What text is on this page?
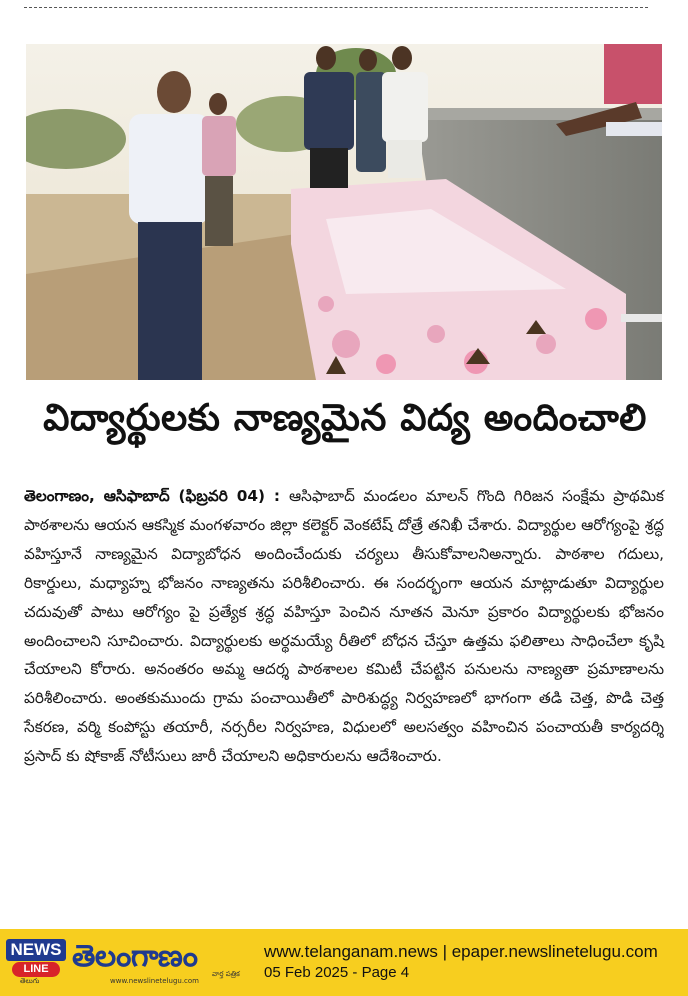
విద్యార్థులకు నాణ్యమైన విద్య అందించాలి
తెలంగాణం, ఆసిఫాబాద్ (ఫిబ్రవరి 04) : ఆసిఫాబాద్ మండలం మాలన్ గొంది గిరిజన సంక్షేమ ప్రాథమిక పాఠశాలను ఆయన ఆకస్మిక మంగళవారం జిల్లా కలెక్టర్ వెంకటేష్ దోత్రే తనిఖీ చేశారు. విద్యార్థుల ఆరోగ్యంపై శ్రద్ధ వహిస్తూనే నాణ్యమైన విద్యాబోధన అందించేందుకు చర్యలు తీసుకోవాలనిఅన్నారు. పాఠశాల గదులు, రికార్డులు, మధ్యాహ్న భోజనం నాణ్యతను పరిశీలించారు. ఈ సందర్భంగా ఆయన మాట్లాడుతూ విద్యార్థుల చదువుతో పాటు ఆరోగ్యం పై ప్రత్యేక శ్రద్ధ వహిస్తూ పెంచిన నూతన మెనూ ప్రకారం విద్యార్థులకు భోజనం అందించాలని సూచించారు. విద్యార్థులకు అర్థమయ్యే రీతిలో బోధన చేస్తూ ఉత్తమ ఫలితాలు సాధించేలా కృషి చేయాలని కోరారు. అనంతరం అమ్మ ఆదర్శ పాఠశాలల కమిటీ చేపట్టిన పనులను నాణ్యతా ప్రమాణాలను పరిశీలించారు. అంతకుముందు గ్రామ పంచాయితీలో పారిశుద్ధ్య నిర్వహణలో భాగంగా తడి చెత్త, పొడి చెత్త సేకరణ, వర్మి కంపోస్టు తయారీ, నర్సరీల నిర్వహణ, విధులలో అలసత్వం వహించిన పంచాయతీ కార్యదర్శి ప్రసాద్ కు షోకాజ్ నోటీసులు జారీ చేయాలని అధికారులను ఆదేశించారు.
NEWS
LINE
తెలుగు
తెలంగాణం వార్త పత్రిక
www.newslinetelugu.com
www.telanganam.news | epaper.newslinetelugu.com
05 Feb 2025 - Page 4
